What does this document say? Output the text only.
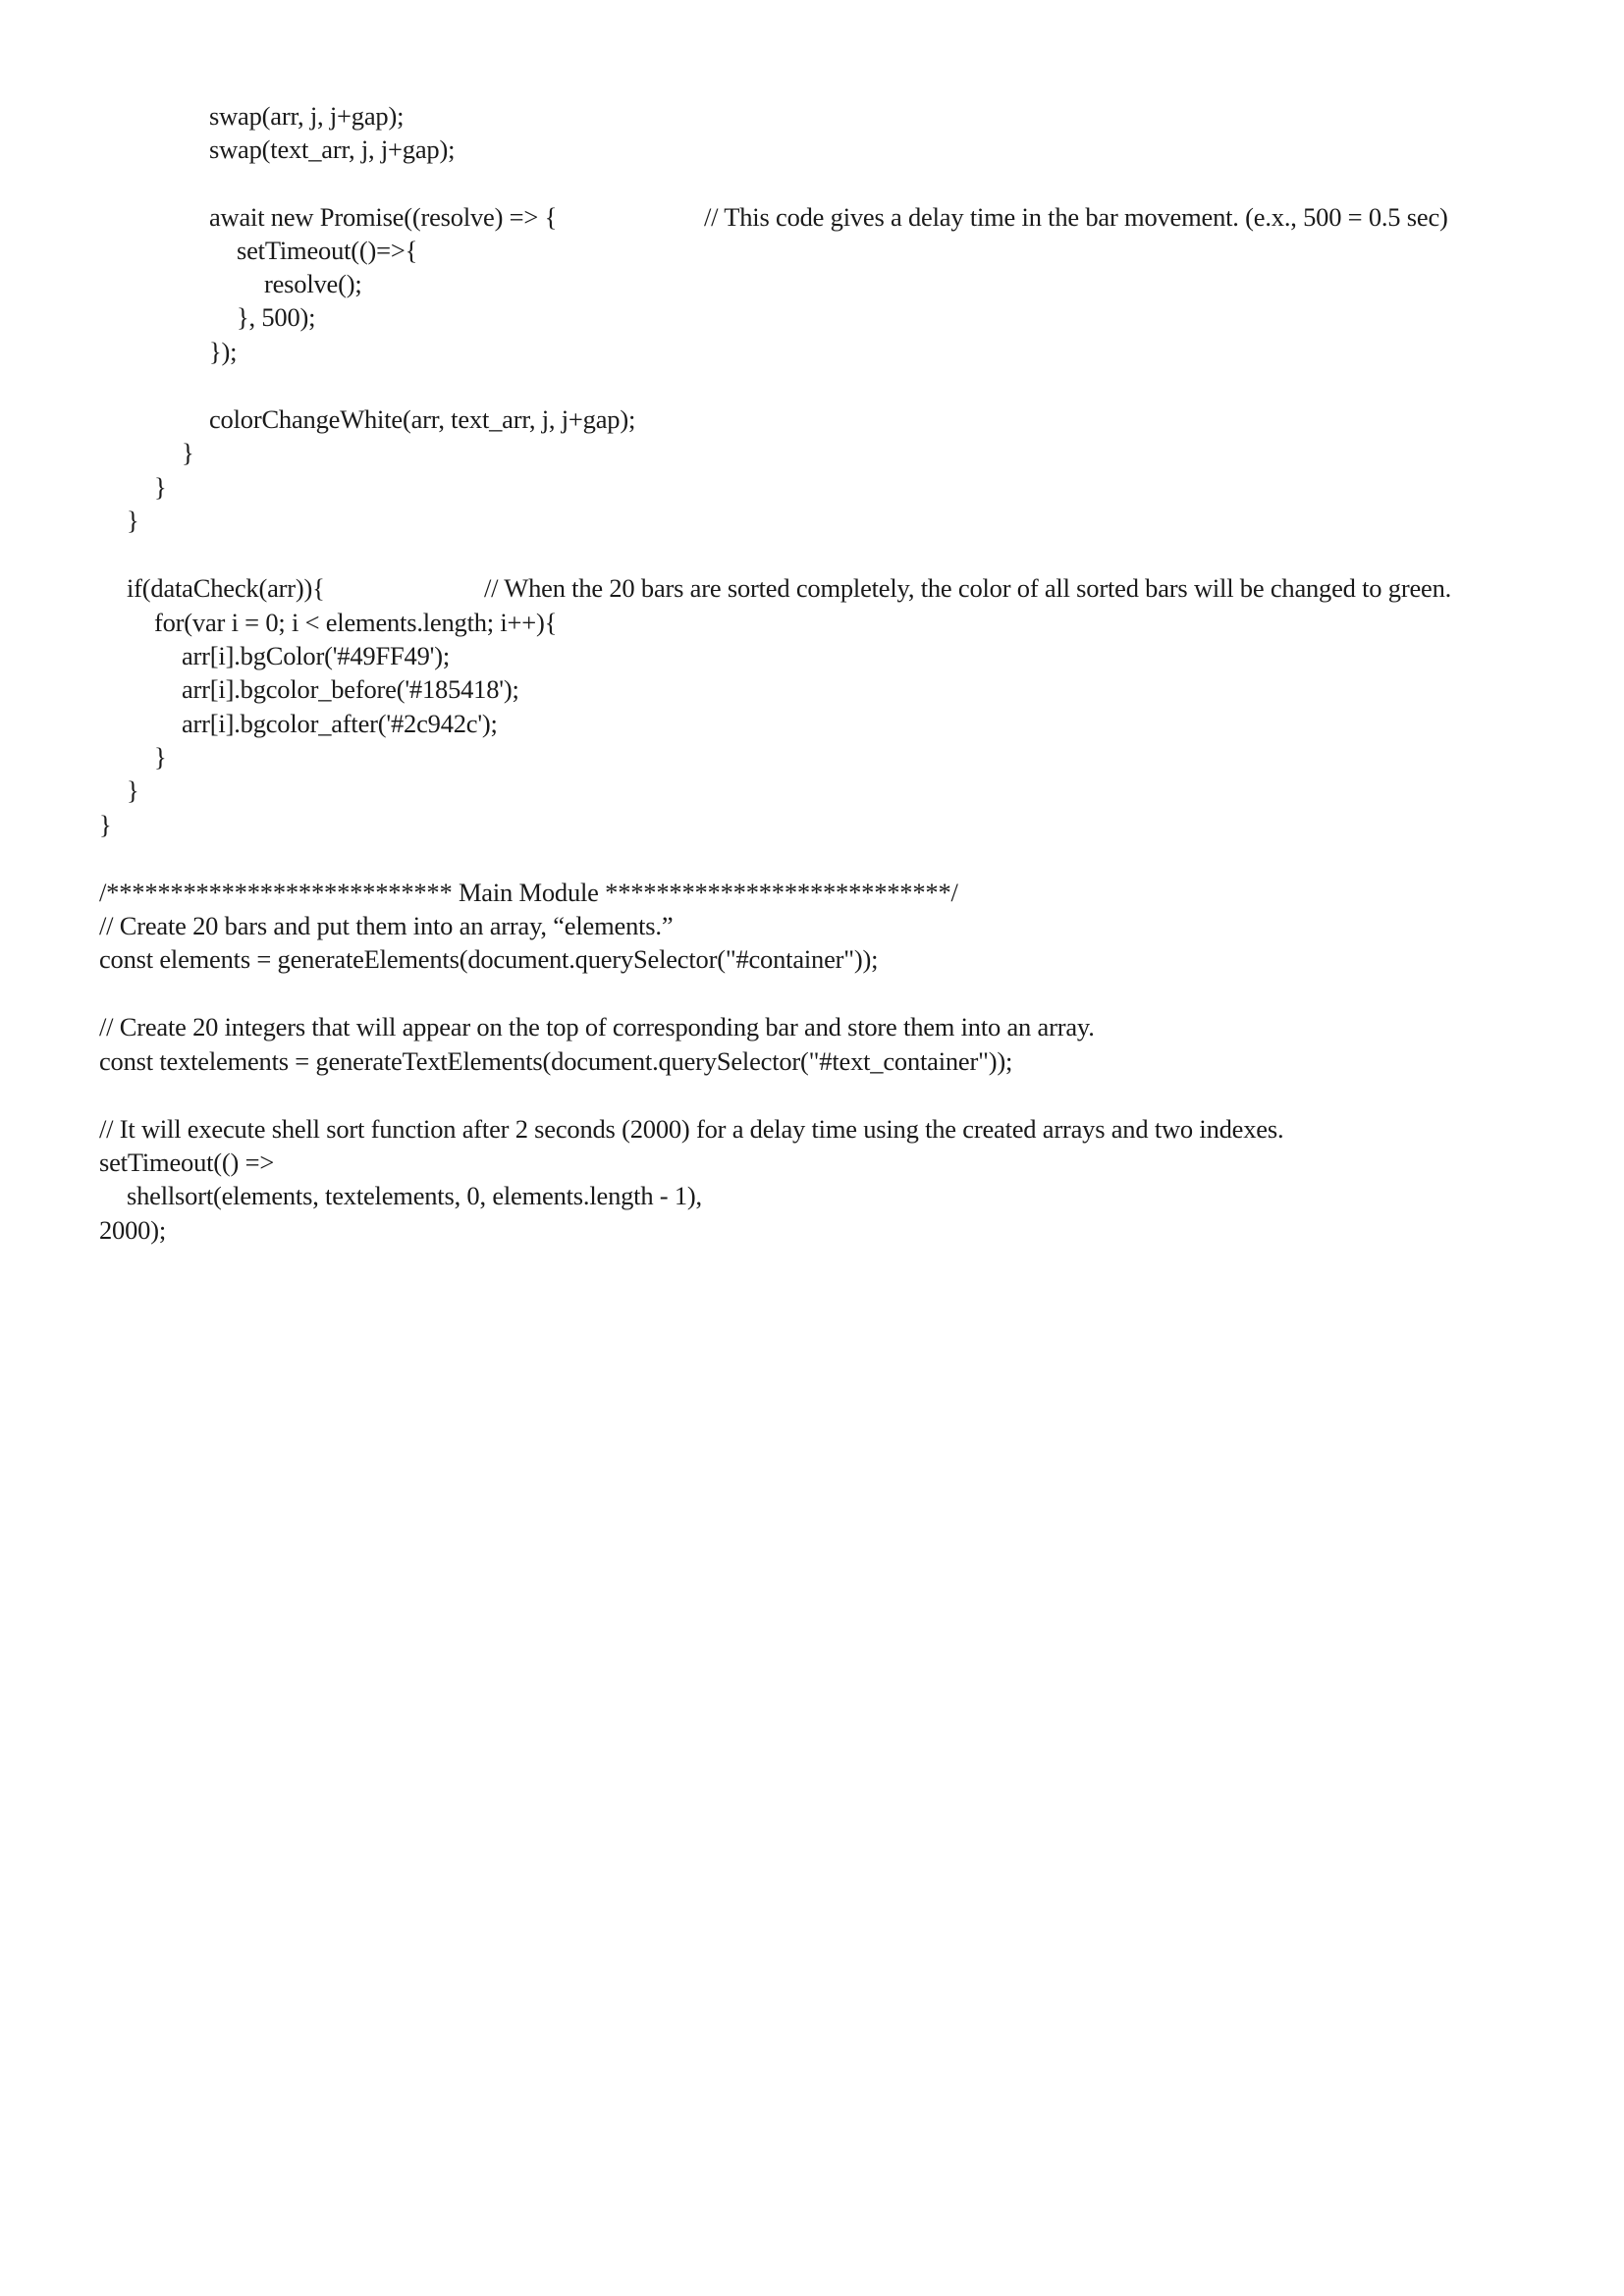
swap(arr, j, j+gap);
swap(text_arr, j, j+gap);
await new Promise((resolve) => {	// This code gives a delay time in the bar movement. (e.x., 500 = 0.5 sec)
setTimeout(()=>{
resolve();
}, 500);
});
colorChangeWhite(arr, text_arr, j, j+gap);
}
}
}
if(dataCheck(arr)){	// When the 20 bars are sorted completely, the color of all sorted bars will be changed to green.
for(var i = 0; i < elements.length; i++){
arr[i].bgColor('#49FF49');
arr[i].bgcolor_before('#185418');
arr[i].bgcolor_after('#2c942c');
}
}
}
/*************************** Main Module ***************************/
// Create 20 bars and put them into an array, “elements.”
const elements = generateElements(document.querySelector("#container"));
// Create 20 integers that will appear on the top of corresponding bar and store them into an array.
const textelements = generateTextElements(document.querySelector("#text_container"));
// It will execute shell sort function after 2 seconds (2000) for a delay time using the created arrays and two indexes.
setTimeout(() =>
shellsort(elements, textelements, 0, elements.length - 1),
2000);
